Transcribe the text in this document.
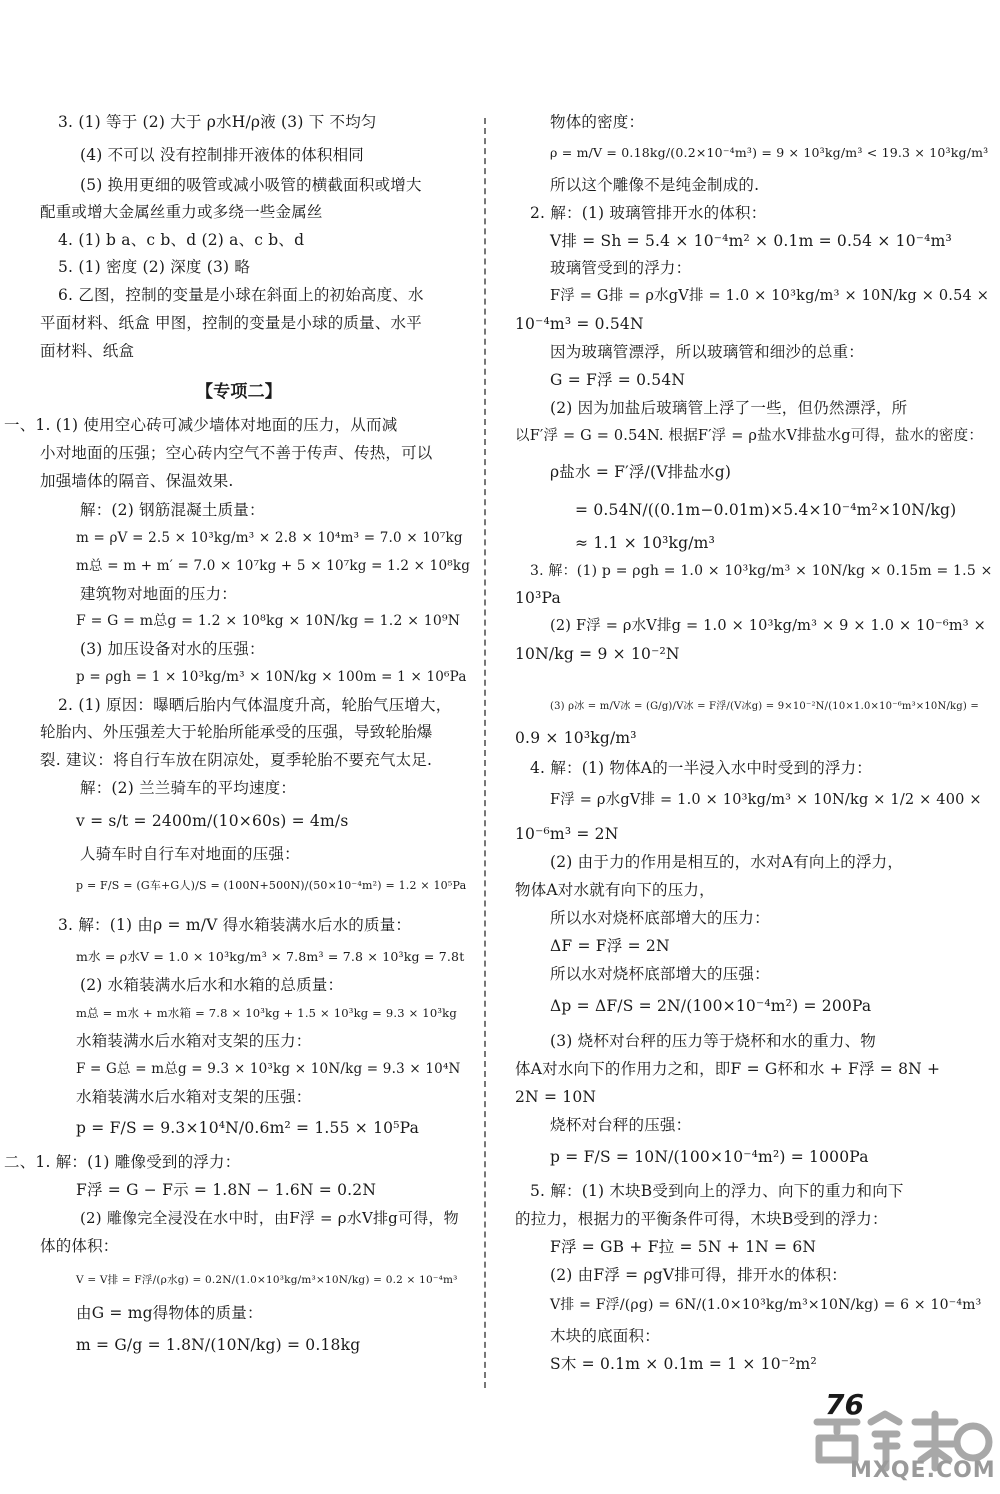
3. (1) 等于 (2) 大于 ρ水H/ρ液 (3) 下 不均匀
(4) 不可以 没有控制排开液体的体积相同
(5) 换用更细的吸管或减小吸管的横截面积或增大
配重或增大金属丝重力或多绕一些金属丝
4. (1) b a、c b、d (2) a、c b、d
5. (1) 密度 (2) 深度 (3) 略
6. 乙图，控制的变量是小球在斜面上的初始高度、水
平面材料、纸盒 甲图，控制的变量是小球的质量、水平
面材料、纸盒
【专项二】
一、1. (1) 使用空心砖可减少墙体对地面的压力，从而减
小对地面的压强；空心砖内空气不善于传声、传热，可以
加强墙体的隔音、保温效果.
解：(2) 钢筋混凝土质量：
m = ρV = 2.5 × 10³kg/m³ × 2.8 × 10⁴m³ = 7.0 × 10⁷kg
m总 = m + m′ = 7.0 × 10⁷kg + 5 × 10⁷kg = 1.2 × 10⁸kg
建筑物对地面的压力：
F = G = m总g = 1.2 × 10⁸kg × 10N/kg = 1.2 × 10⁹N
(3) 加压设备对水的压强：
p = ρgh = 1 × 10³kg/m³ × 10N/kg × 100m = 1 × 10⁶Pa
2. (1) 原因：曝晒后胎内气体温度升高，轮胎气压增大，
轮胎内、外压强差大于轮胎所能承受的压强，导致轮胎爆
裂. 建议：将自行车放在阴凉处，夏季轮胎不要充气太足.
解：(2) 兰兰骑车的平均速度：
v = s/t = 2400m/(10×60s) = 4m/s
人骑车时自行车对地面的压强：
p = F/S = (G车+G人)/S = (100N+500N)/(50×10⁻⁴m²) = 1.2 × 10⁵Pa
3. 解：(1) 由ρ = m/V 得水箱装满水后水的质量：
m水 = ρ水V = 1.0 × 10³kg/m³ × 7.8m³ = 7.8 × 10³kg = 7.8t
(2) 水箱装满水后水和水箱的总质量：
m总 = m水 + m水箱 = 7.8 × 10³kg + 1.5 × 10³kg = 9.3 × 10³kg
水箱装满水后水箱对支架的压力：
F = G总 = m总g = 9.3 × 10³kg × 10N/kg = 9.3 × 10⁴N
水箱装满水后水箱对支架的压强：
p = F/S = 9.3×10⁴N/0.6m² = 1.55 × 10⁵Pa
二、1. 解：(1) 雕像受到的浮力：
F浮 = G − F示 = 1.8N − 1.6N = 0.2N
(2) 雕像完全浸没在水中时，由F浮 = ρ水V排g可得，物
体的体积：
V = V排 = F浮/(ρ水g) = 0.2N/(1.0×10³kg/m³×10N/kg) = 0.2 × 10⁻⁴m³
由G = mg得物体的质量：
m = G/g = 1.8N/(10N/kg) = 0.18kg
物体的密度：
ρ = m/V = 0.18kg/(0.2×10⁻⁴m³) = 9 × 10³kg/m³ < 19.3 × 10³kg/m³
所以这个雕像不是纯金制成的.
2. 解：(1) 玻璃管排开水的体积：
V排 = Sh = 5.4 × 10⁻⁴m² × 0.1m = 0.54 × 10⁻⁴m³
玻璃管受到的浮力：
F浮 = G排 = ρ水gV排 = 1.0 × 10³kg/m³ × 10N/kg × 0.54 ×
10⁻⁴m³ = 0.54N
因为玻璃管漂浮，所以玻璃管和细沙的总重：
G = F浮 = 0.54N
(2) 因为加盐后玻璃管上浮了一些，但仍然漂浮，所
以F′浮 = G = 0.54N. 根据F′浮 = ρ盐水V排盐水g可得，盐水的密度：
ρ盐水 = F′浮/(V排盐水g)
= 0.54N/((0.1m−0.01m)×5.4×10⁻⁴m²×10N/kg)
≈ 1.1 × 10³kg/m³
3. 解：(1) p = ρgh = 1.0 × 10³kg/m³ × 10N/kg × 0.15m = 1.5 ×
10³Pa
(2) F浮 = ρ水V排g = 1.0 × 10³kg/m³ × 9 × 1.0 × 10⁻⁶m³ ×
10N/kg = 9 × 10⁻²N
(3) ρ冰 = m/V冰 = (G/g)/V冰 = F浮/(V冰g) = 9×10⁻²N/(10×1.0×10⁻⁶m³×10N/kg) =
0.9 × 10³kg/m³
4. 解：(1) 物体A的一半浸入水中时受到的浮力：
F浮 = ρ水gV排 = 1.0 × 10³kg/m³ × 10N/kg × 1/2 × 400 ×
10⁻⁶m³ = 2N
(2) 由于力的作用是相互的，水对A有向上的浮力，
物体A对水就有向下的压力，
所以水对烧杯底部增大的压力：
ΔF = F浮 = 2N
所以水对烧杯底部增大的压强：
Δp = ΔF/S = 2N/(100×10⁻⁴m²) = 200Pa
(3) 烧杯对台秤的压力等于烧杯和水的重力、物
体A对水向下的作用力之和，即F = G杯和水 + F浮 = 8N +
2N = 10N
烧杯对台秤的压强：
p = F/S = 10N/(100×10⁻⁴m²) = 1000Pa
5. 解：(1) 木块B受到向上的浮力、向下的重力和向下
的拉力，根据力的平衡条件可得，木块B受到的浮力：
F浮 = GB + F拉 = 5N + 1N = 6N
(2) 由F浮 = ρgV排可得，排开水的体积：
V排 = F浮/(ρg) = 6N/(1.0×10³kg/m³×10N/kg) = 6 × 10⁻⁴m³
木块的底面积：
S木 = 0.1m × 0.1m = 1 × 10⁻²m²
76
MXQE.COM
